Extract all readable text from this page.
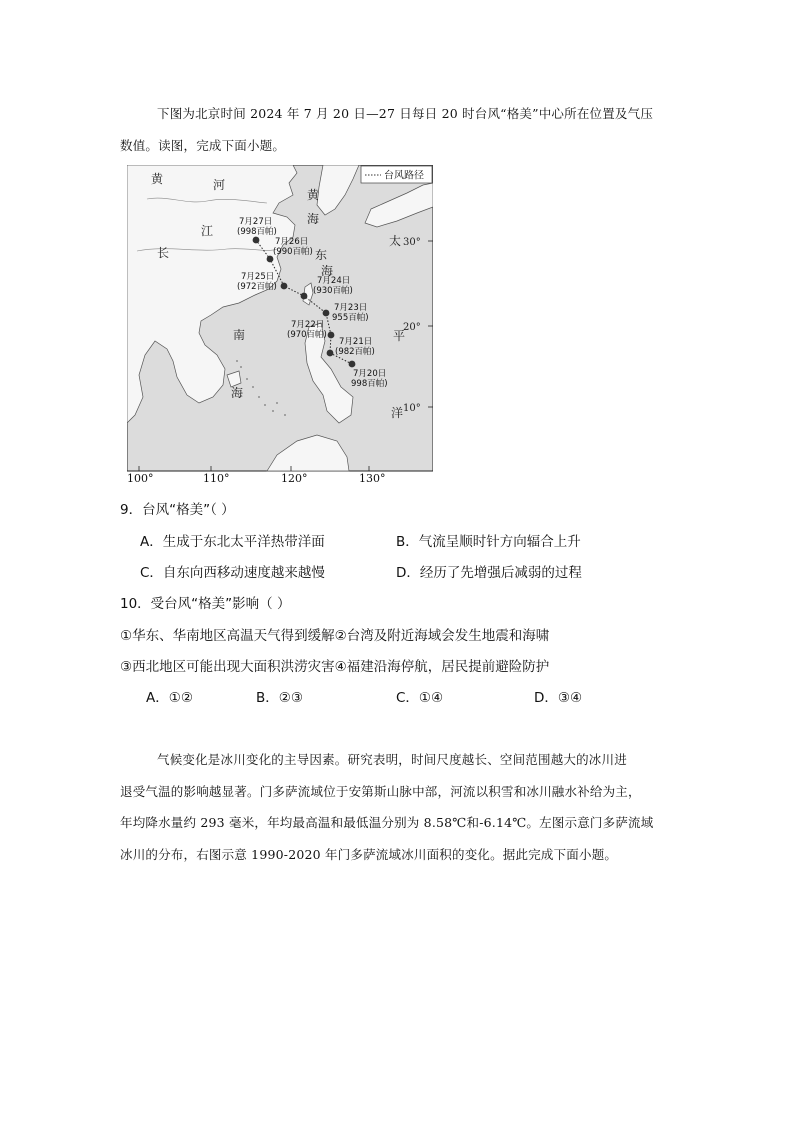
下图为北京时间 2024 年 7 月 20 日—27 日每日 20 时台风“格美”中心所在位置及气压
数值。读图，完成下面小题。
台风路径
黄	河
长
江
黄
海
东
海
太
平
洋
南
海
30°
20°
10°
7月27日
(998百帕)
7月26日
(990百帕)
7月25日
(972百帕)
7月24日
(930百帕)
7月23日
955百帕)
7月22日
(970百帕)
7月21日
(982百帕)
7月20日
998百帕)
100°	110°	120°	130°
9．台风“格美”（ ）
A．生成于东北太平洋热带洋面	B．气流呈顺时针方向辐合上升
C．自东向西移动速度越来越慢	D．经历了先增强后减弱的过程
10．受台风“格美”影响（ ）
①华东、华南地区高温天气得到缓解②台湾及附近海域会发生地震和海啸
③西北地区可能出现大面积洪涝灾害④福建沿海停航，居民提前避险防护
A．①②	B．②③	C．①④	D．③④
气候变化是冰川变化的主导因素。研究表明，时间尺度越长、空间范围越大的冰川进
退受气温的影响越显著。门多萨流域位于安第斯山脉中部，河流以积雪和冰川融水补给为主，
年均降水量约 293 毫米，年均最高温和最低温分别为 8.58℃和-6.14℃。左图示意门多萨流域
冰川的分布，右图示意 1990-2020 年门多萨流域冰川面积的变化。据此完成下面小题。
